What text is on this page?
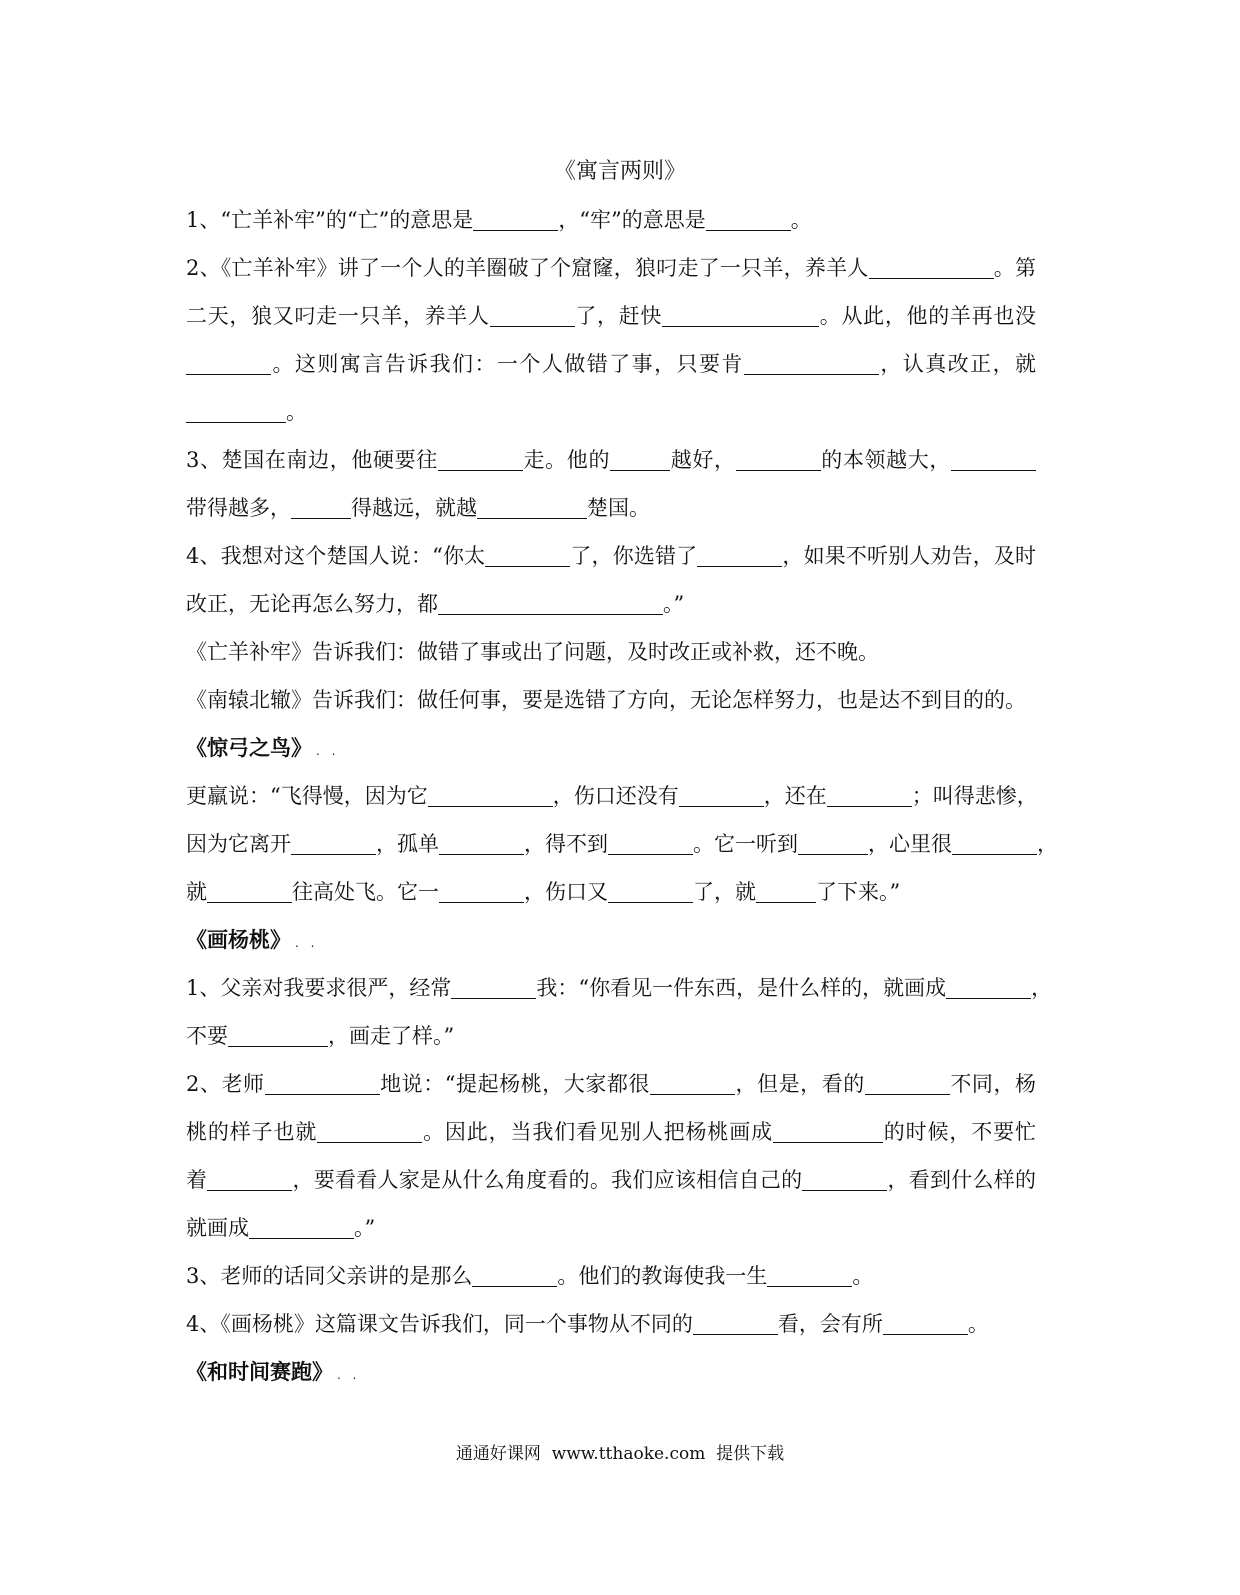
《寓言两则》
1、“亡羊补牢”的“亡”的意思是	，“牢”的意思是	。
2、《亡羊补牢》讲了一个人的羊圈破了个窟窿，狼叼走了一只羊，养羊人	。第
二天，狼又叼走一只羊，养羊人	了，赶快	。从此，他的羊再也没
。这则寓言告诉我们：一个人做错了事，只要肯	，认真改正，就
。
3、楚国在南边，他硬要往	走。他的	越好，	的本领越大，
带得越多，	得越远，就越	楚国。
4、我想对这个楚国人说：“你太	了，你选错了	，如果不听别人劝告，及时
改正，无论再怎么努力，都	。”
《亡羊补牢》告诉我们：做错了事或出了问题，及时改正或补救，还不晚。
《南辕北辙》告诉我们：做任何事，要是选错了方向，无论怎样努力，也是达不到目的的。
《惊弓之鸟》 . .
更羸说：“飞得慢，因为它	，伤口还没有	，还在	；叫得悲惨，
因为它离开	，孤单	，得不到	。它一听到	，心里很	，
就	往高处飞。它一	，伤口又	了，就	了下来。”
《画杨桃》 . .
1、父亲对我要求很严，经常	我：“你看见一件东西，是什么样的，就画成	，
不要	，画走了样。”
2、老师	地说：“提起杨桃，大家都很	，但是，看的	不同，杨
桃的样子也就	。因此，当我们看见别人把杨桃画成	的时候，不要忙
着	，要看看人家是从什么角度看的。我们应该相信自己的	，看到什么样的
就画成	。”
3、老师的话同父亲讲的是那么	。他们的教诲使我一生	。
4、《画杨桃》这篇课文告诉我们，同一个事物从不同的	看，会有所	。
《和时间赛跑》 . .
通通好课网  www.tthaoke.com  提供下载
